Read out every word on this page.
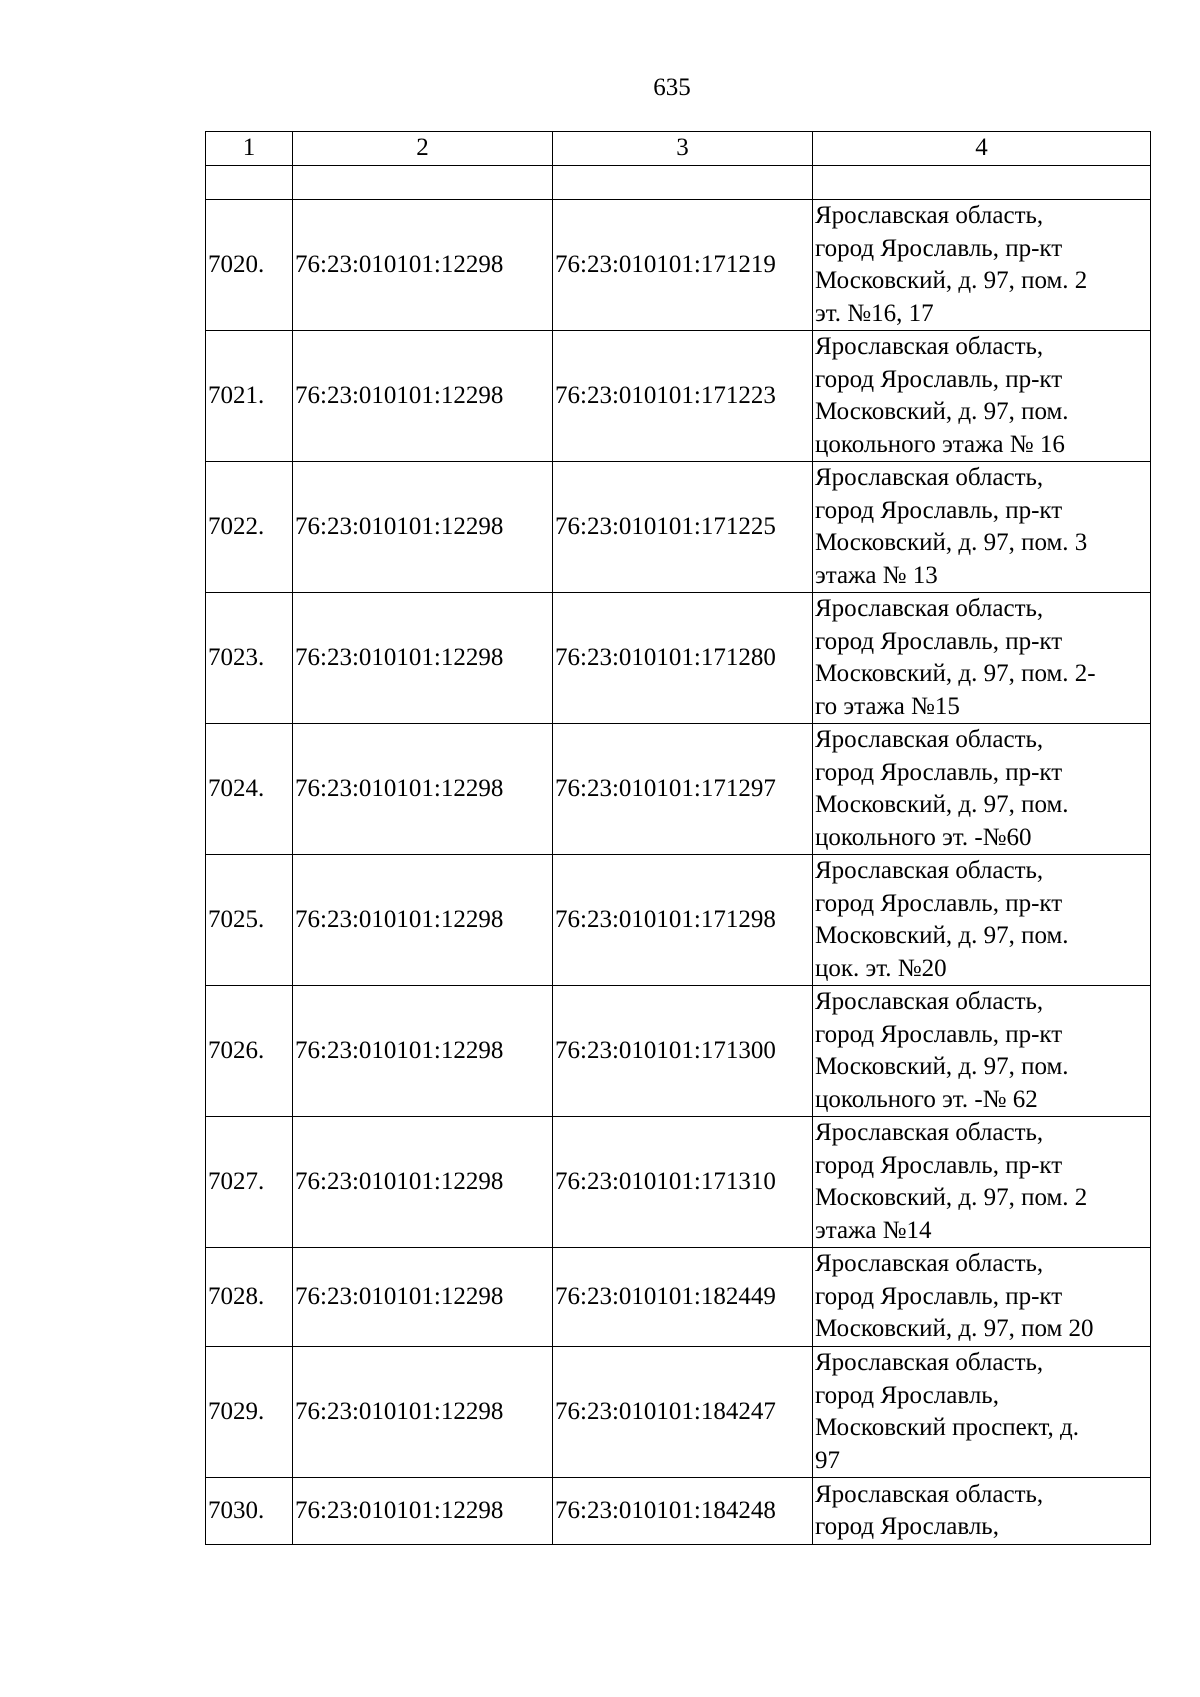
635
1	2	3	4

7020.	76:23:010101:12298	76:23:010101:171219	Ярославская область,
город Ярославль, пр-кт
Московский, д. 97, пом. 2
эт. №16, 17

7021.	76:23:010101:12298	76:23:010101:171223	Ярославская область,
город Ярославль, пр-кт
Московский, д. 97, пом.
цокольного этажа № 16

7022.	76:23:010101:12298	76:23:010101:171225	Ярославская область,
город Ярославль, пр-кт
Московский, д. 97, пом. 3
этажа № 13

7023.	76:23:010101:12298	76:23:010101:171280	Ярославская область,
город Ярославль, пр-кт
Московский, д. 97, пом. 2-
го этажа №15

7024.	76:23:010101:12298	76:23:010101:171297	Ярославская область,
город Ярославль, пр-кт
Московский, д. 97, пом.
цокольного эт. -№60

7025.	76:23:010101:12298	76:23:010101:171298	Ярославская область,
город Ярославль, пр-кт
Московский, д. 97, пом.
цок. эт. №20

7026.	76:23:010101:12298	76:23:010101:171300	Ярославская область,
город Ярославль, пр-кт
Московский, д. 97, пом.
цокольного эт. -№ 62

7027.	76:23:010101:12298	76:23:010101:171310	Ярославская область,
город Ярославль, пр-кт
Московский, д. 97, пом. 2
этажа №14

7028.	76:23:010101:12298	76:23:010101:182449	Ярославская область,
город Ярославль, пр-кт
Московский, д. 97, пом 20

7029.	76:23:010101:12298	76:23:010101:184247	Ярославская область,
город Ярославль,
Московский проспект, д.
97

7030.	76:23:010101:12298	76:23:010101:184248	Ярославская область,
город Ярославль,
